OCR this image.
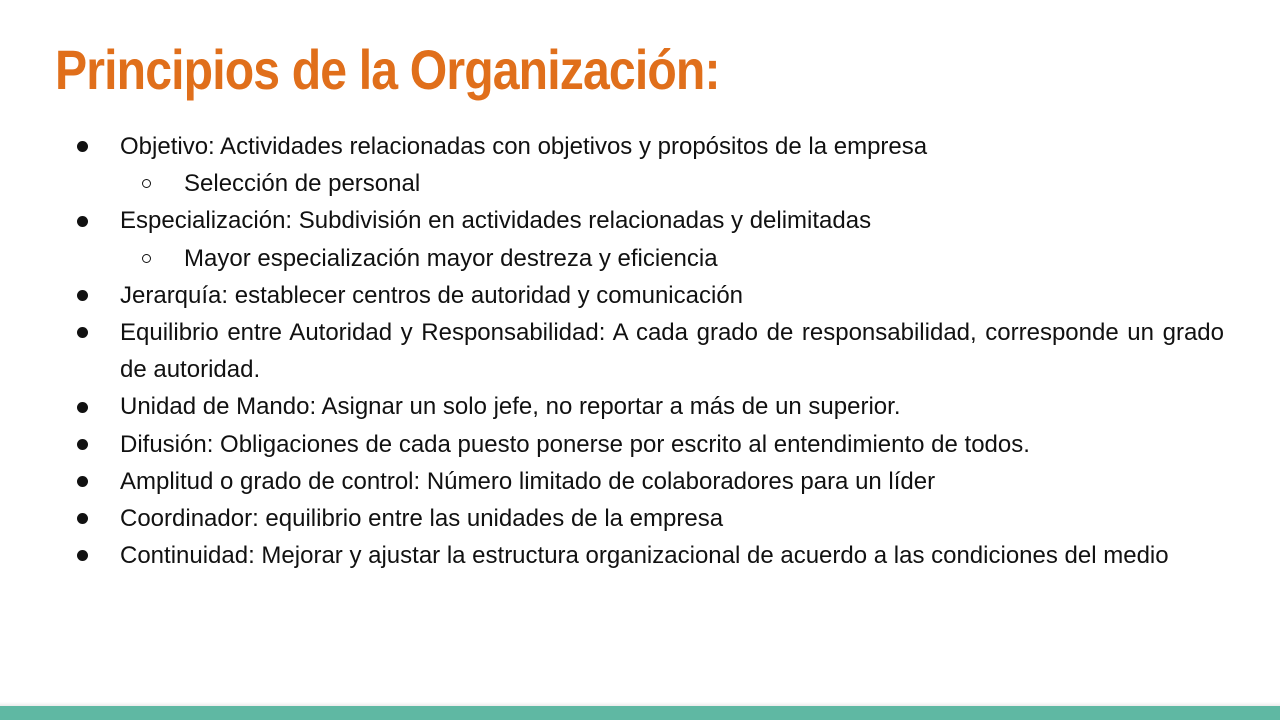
Principios de la Organización:
Objetivo: Actividades relacionadas con objetivos y propósitos de la empresa
Selección de personal
Especialización: Subdivisión en actividades relacionadas y delimitadas
Mayor especialización mayor destreza y eficiencia
Jerarquía: establecer centros de autoridad y comunicación
Equilibrio entre Autoridad y Responsabilidad: A cada grado de responsabilidad, corresponde un grado de autoridad.
Unidad de Mando: Asignar un solo jefe, no reportar a más de un superior.
Difusión: Obligaciones de cada puesto ponerse por escrito al entendimiento de todos.
Amplitud o grado de control: Número limitado de colaboradores para un líder
Coordinador: equilibrio entre las unidades de la empresa
Continuidad: Mejorar y ajustar la estructura organizacional de acuerdo a las condiciones del medio
